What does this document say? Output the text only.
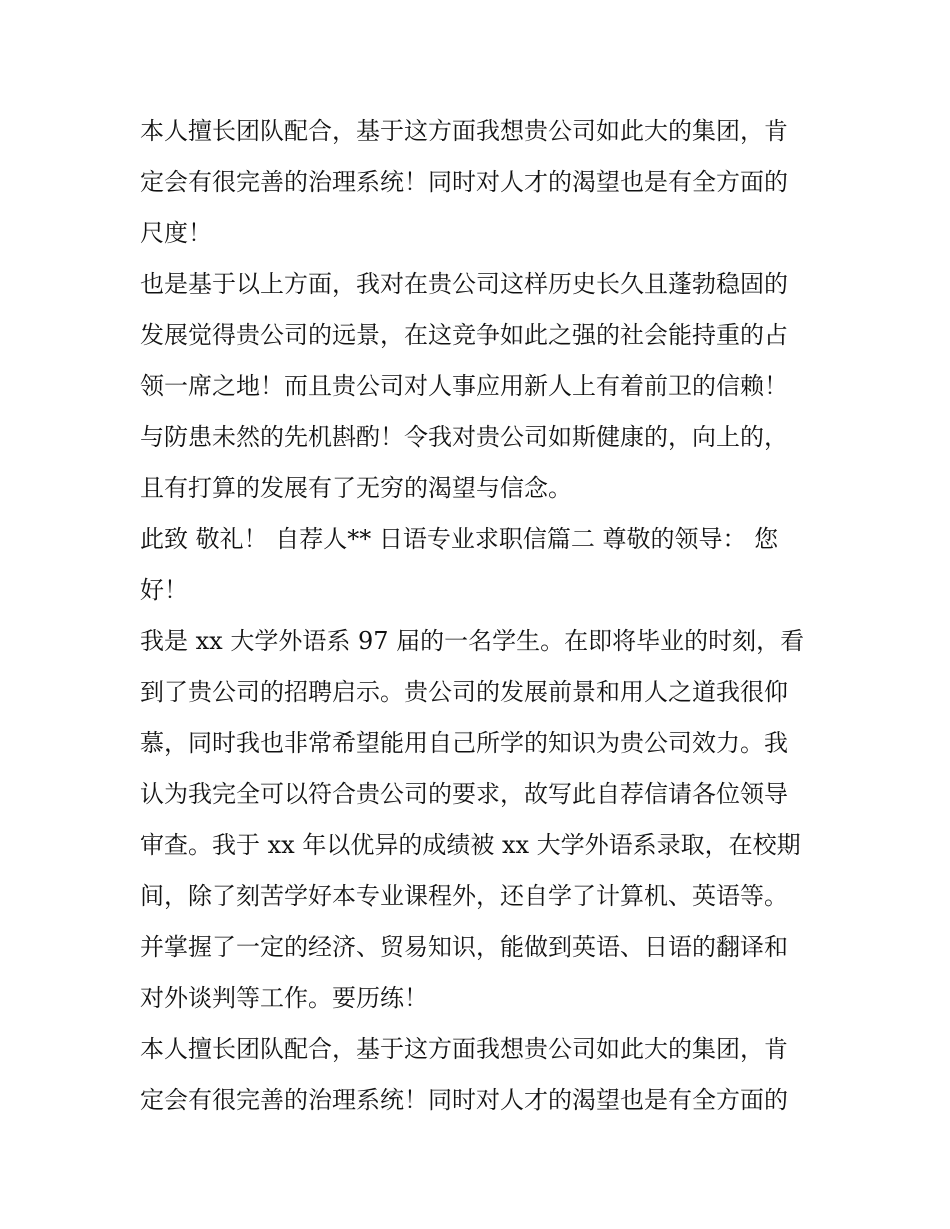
本人擅长团队配合，基于这方面我想贵公司如此大的集团，肯
定会有很完善的治理系统！同时对人才的渴望也是有全方面的
尺度！
也是基于以上方面，我对在贵公司这样历史长久且蓬勃稳固的
发展觉得贵公司的远景，在这竞争如此之强的社会能持重的占
领一席之地！而且贵公司对人事应用新人上有着前卫的信赖！
与防患未然的先机斟酌！令我对贵公司如斯健康的，向上的，
且有打算的发展有了无穷的渴望与信念。
此致 敬礼！ 自荐人** 日语专业求职信篇二 尊敬的领导： 您
好！
我是 xx 大学外语系 97 届的一名学生。在即将毕业的时刻，看
到了贵公司的招聘启示。贵公司的发展前景和用人之道我很仰
慕，同时我也非常希望能用自己所学的知识为贵公司效力。我
认为我完全可以符合贵公司的要求，故写此自荐信请各位领导
审查。我于 xx 年以优异的成绩被 xx 大学外语系录取，在校期
间，除了刻苦学好本专业课程外，还自学了计算机、英语等。
并掌握了一定的经济、贸易知识，能做到英语、日语的翻译和
对外谈判等工作。要历练！
本人擅长团队配合，基于这方面我想贵公司如此大的集团，肯
定会有很完善的治理系统！同时对人才的渴望也是有全方面的
